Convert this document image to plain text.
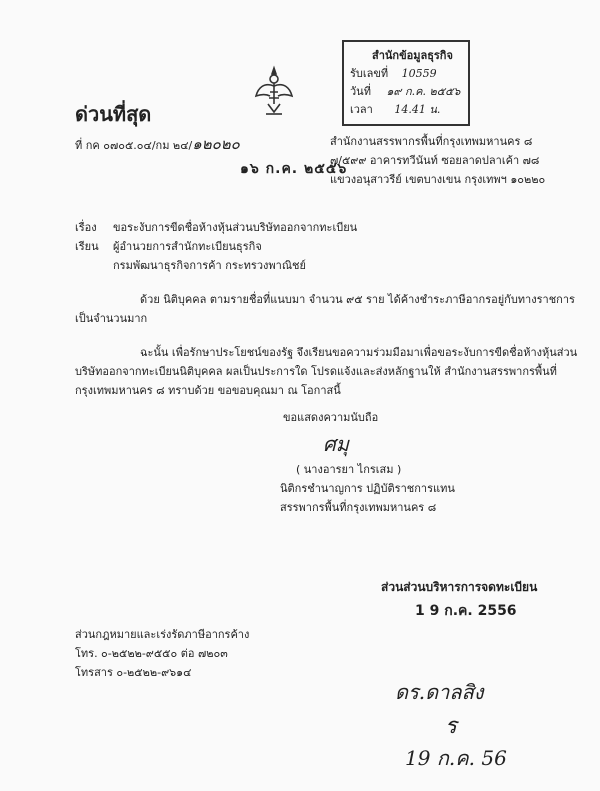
สำนักข้อมูลธุรกิจ
รับเลขที่ 10559
วันที่ ๑๙ ก.ค. ๒๕๕๖
เวลา 14.41 น.
ด่วนที่สุด
ที่ กค ๐๗๐๕.๐๔/กม ๒๔/๑๒๐๒๐	สำนักงานสรรพากรพื้นที่กรุงเทพมหานคร ๘
๗/๕๙๙ อาคารทวีนันท์ ซอยลาดปลาเค้า ๗๘
แขวงอนุสาวรีย์ เขตบางเขน กรุงเทพฯ ๑๐๒๒๐
๑๖ ก.ค. ๒๕๕๖
เรื่อง ขอระงับการขีดชื่อห้างหุ้นส่วนบริษัทออกจากทะเบียน
เรียน ผู้อำนวยการสำนักทะเบียนธุรกิจ
กรมพัฒนาธุรกิจการค้า กระทรวงพาณิชย์
ด้วย นิติบุคคล ตามรายชื่อที่แนบมา จำนวน ๙๕ ราย ได้ค้างชำระภาษีอากรอยู่กับทางราชการ
เป็นจำนวนมาก
ฉะนั้น เพื่อรักษาประโยชน์ของรัฐ จึงเรียนขอความร่วมมือมาเพื่อขอระงับการขีดชื่อห้างหุ้นส่วน
บริษัทออกจากทะเบียนนิติบุคคล ผลเป็นประการใด โปรดแจ้งและส่งหลักฐานให้ สำนักงานสรรพากรพื้นที่
กรุงเทพมหานคร ๘ ทราบด้วย ขอขอบคุณมา ณ โอกาสนี้
ขอแสดงความนับถือ
ศมุ
( นางอารยา ไกรเสม )
นิติกรชำนาญการ ปฏิบัติราชการแทน
สรรพากรพื้นที่กรุงเทพมหานคร ๘
ส่วนส่วนบริหารการจดทะเบียน
1 9 ก.ค. 2556
ส่วนกฎหมายและเร่งรัดภาษีอากรค้าง
โทร. ๐-๒๕๒๒-๙๕๕๐ ต่อ ๗๒๐๓
โทรสาร ๐-๒๕๒๒-๙๖๑๔
ดร.ดาลสิง
ร
19 ก.ค. 56
